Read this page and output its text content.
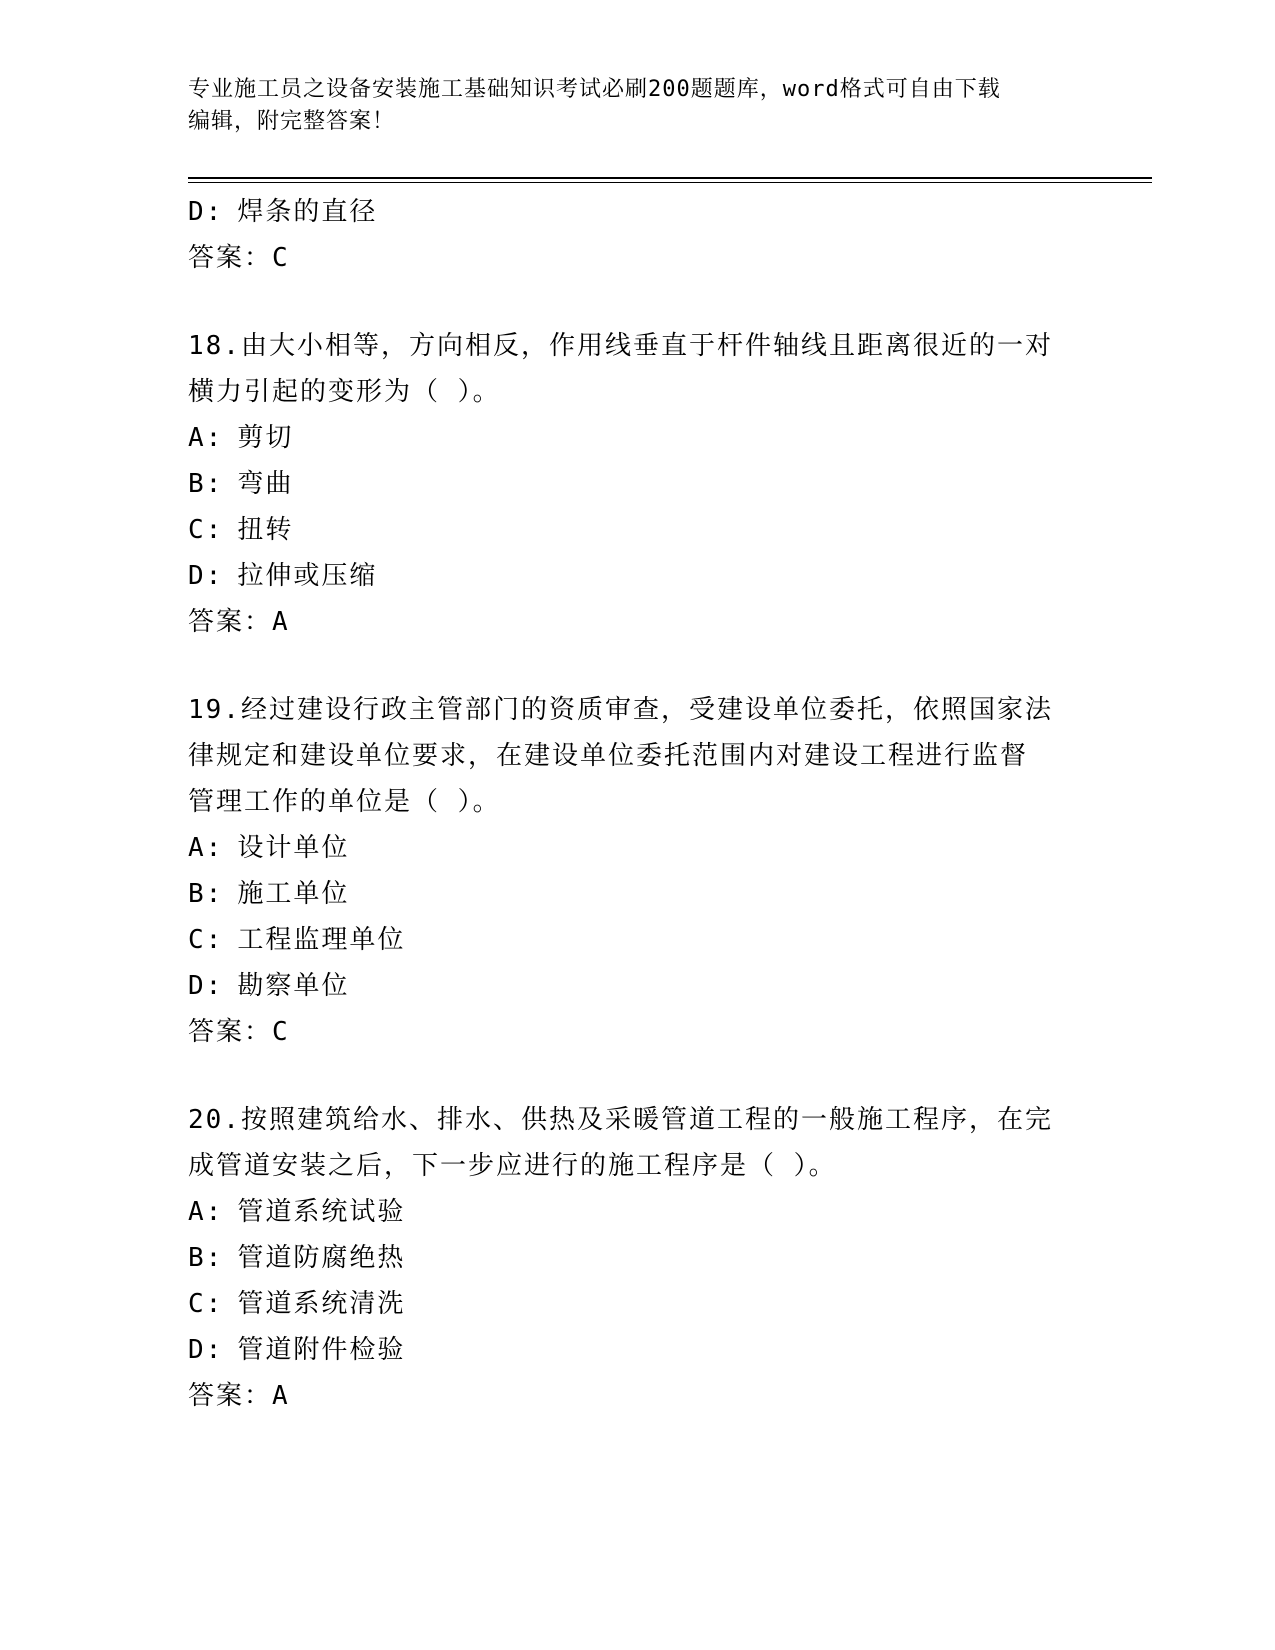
专业施工员之设备安装施工基础知识考试必刷200题题库，word格式可自由下载
编辑，附完整答案！
D: 焊条的直径
答案：C
18.由大小相等，方向相反，作用线垂直于杆件轴线且距离很近的一对
横力引起的变形为（ ）。
A: 剪切
B: 弯曲
C: 扭转
D: 拉伸或压缩
答案：A
19.经过建设行政主管部门的资质审查，受建设单位委托，依照国家法
律规定和建设单位要求，在建设单位委托范围内对建设工程进行监督
管理工作的单位是（ ）。
A: 设计单位
B: 施工单位
C: 工程监理单位
D: 勘察单位
答案：C
20.按照建筑给水、排水、供热及采暖管道工程的一般施工程序，在完
成管道安装之后，下一步应进行的施工程序是（ ）。
A: 管道系统试验
B: 管道防腐绝热
C: 管道系统清洗
D: 管道附件检验
答案：A
